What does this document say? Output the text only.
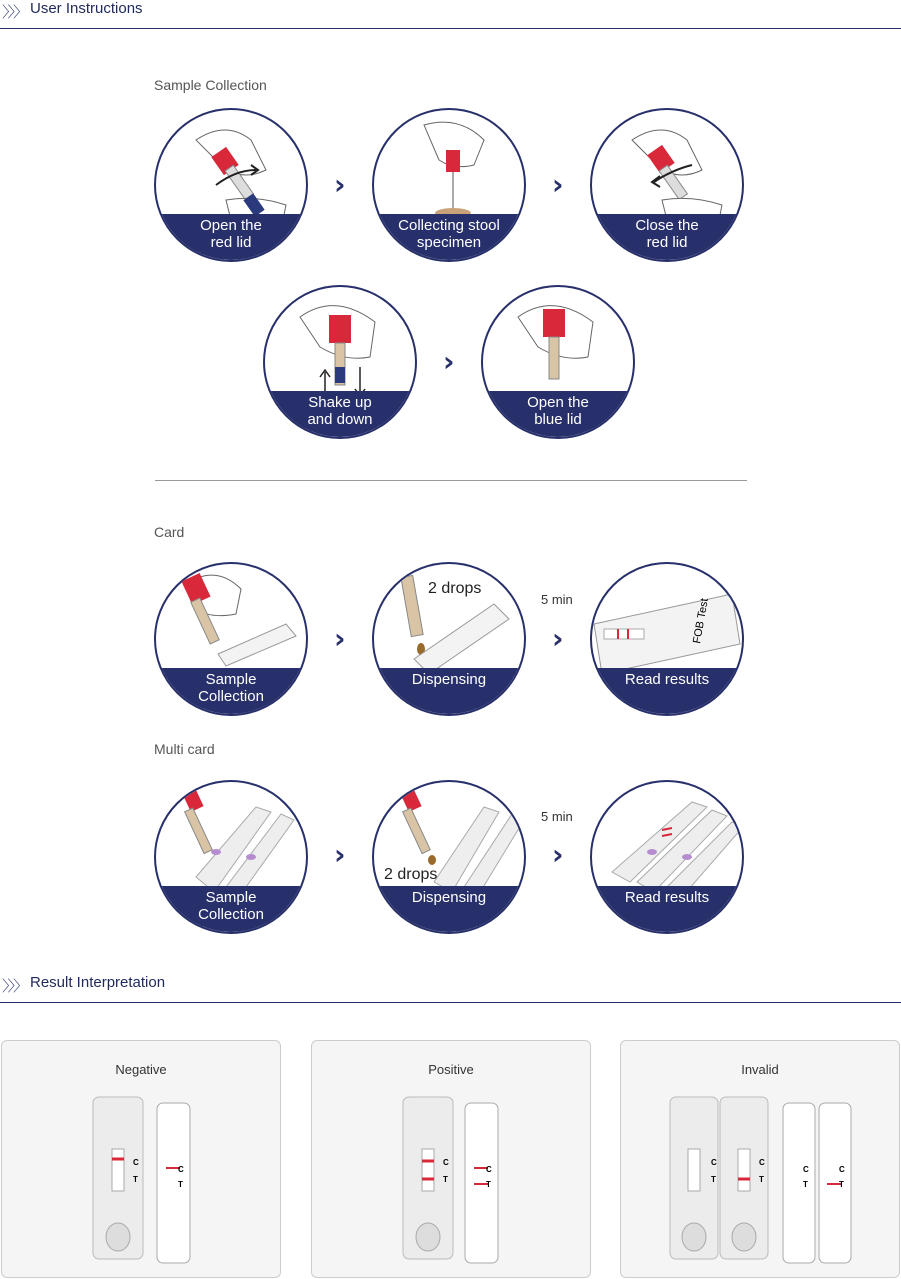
〉〉〉 User Instructions
Sample Collection
Open the
red lid
›
Collecting stool
specimen
›
Close the
red lid
Shake up
and down
›
Open the
blue lid
Card
Sample
Collection
›
Dispensing
2 drops
5 min
›	FOB Test
Read results
Multi card
Sample
Collection
›
Dispensing
2 drops
5 min
›
Read results
〉〉〉 Result Interpretation
Negative
C
T
C
T
Positive
C
T
C
T
Invalid
C
T
C
T
C
T
C
T
